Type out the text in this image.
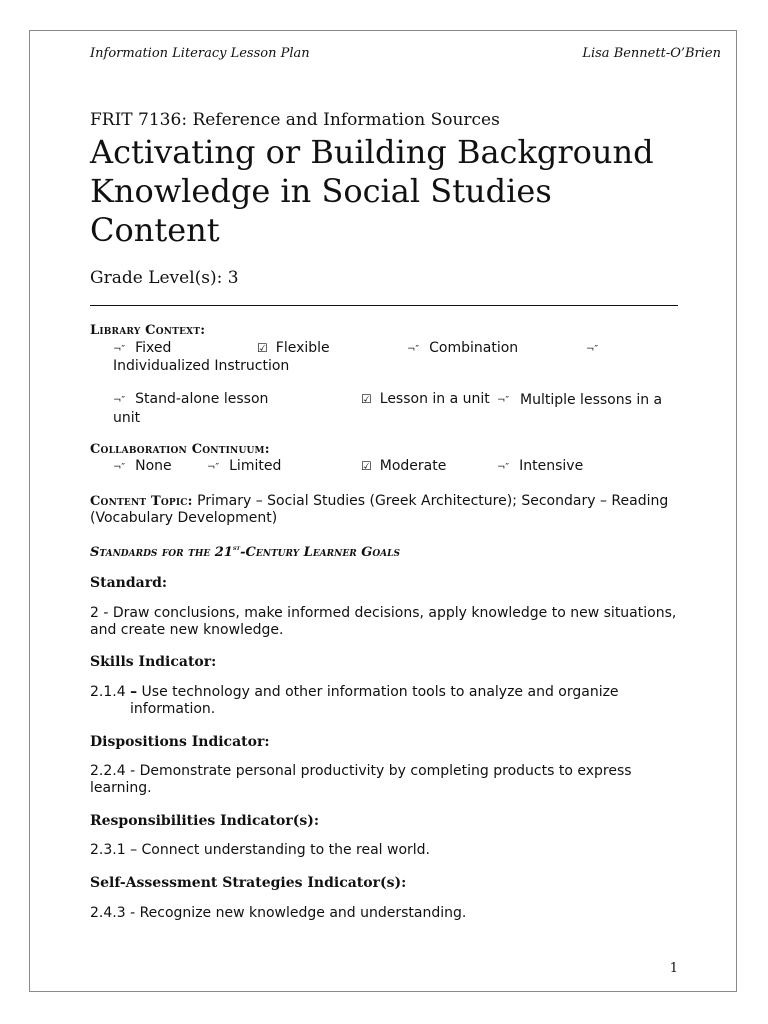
Information Literacy Lesson Plan	Lisa Bennett-O’Brien
FRIT 7136: Reference and Information Sources
Activating or Building Background Knowledge in Social Studies Content
Grade Level(s): 3
Library Context:
¬″ Fixed	☑ Flexible	¬″ Combination	¬″
Individualized Instruction
¬″ Stand-alone lesson	☑ Lesson in a unit ¬″ Multiple lessons in a unit
Collaboration Continuum:
¬″ None	¬″ Limited	☑ Moderate	¬″ Intensive
Content Topic: Primary – Social Studies (Greek Architecture); Secondary – Reading (Vocabulary Development)
Standards for the 21st-Century Learner Goals
Standard:
2 - Draw conclusions, make informed decisions, apply knowledge to new situations, and create new knowledge.
Skills Indicator:
2.1.4 – Use technology and other information tools to analyze and organize information.
Dispositions Indicator:
2.2.4 - Demonstrate personal productivity by completing products to express learning.
Responsibilities Indicator(s):
2.3.1 – Connect understanding to the real world.
Self-Assessment Strategies Indicator(s):
2.4.3 - Recognize new knowledge and understanding.
1
